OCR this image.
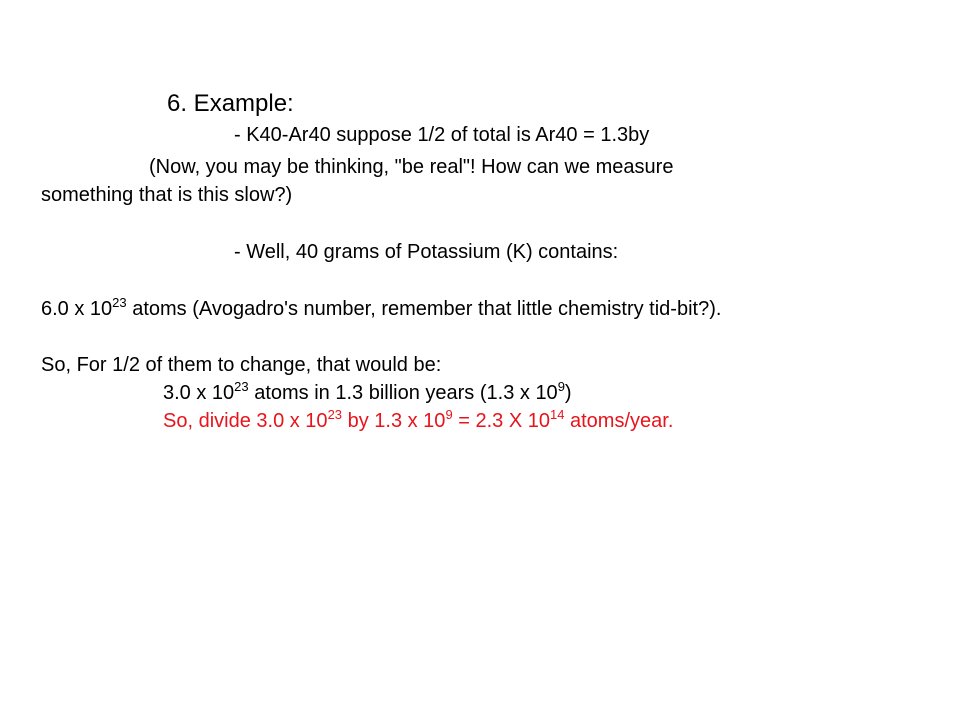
6. Example:
- K40-Ar40 suppose 1/2 of total is Ar40 = 1.3by
(Now, you may be thinking, "be real"! How can we measure
something that is this slow?)
- Well, 40 grams of Potassium (K) contains:
6.0 x $10^{23}$ atoms (Avogadro's number, remember that little chemistry tid-bit?).
So, For 1/2 of them to change, that would be:
3.0 x $10^{23}$ atoms in 1.3 billion years (1.3 x $10^9$)
So, divide 3.0 x $10^{23}$ by 1.3 x $10^9 = 2.3$ X $10^{14}$ atoms/year.
